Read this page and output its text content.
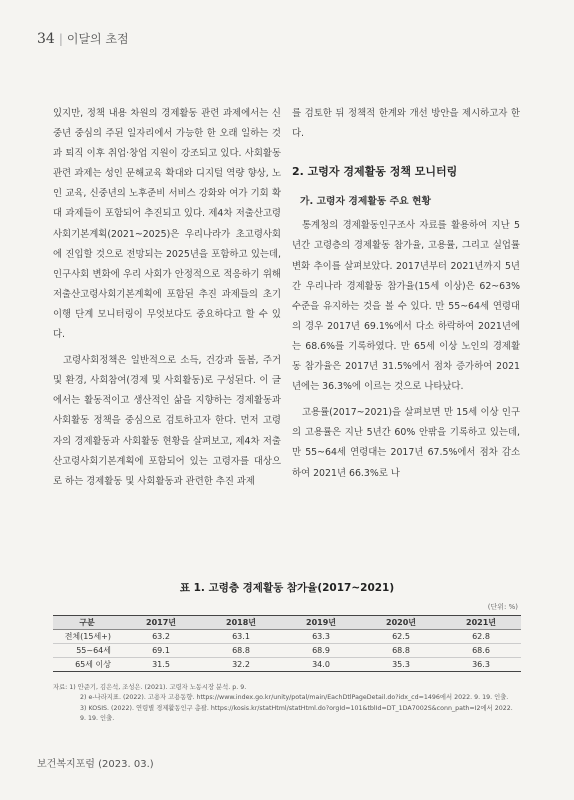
34 | 이달의 초점

있지만, 정책 내용 차원의 경제활동 관련 과제에서는 신중년 중심의 주된 일자리에서 가능한 한 오래 일하는 것과 퇴직 이후 취업·창업 지원이 강조되고 있다. 사회활동 관련 과제는 성인 문해교육 확대와 디지털 역량 향상, 노인 교육, 신중년의 노후준비 서비스 강화와 여가 기회 확대 과제들이 포함되어 추진되고 있다. 제4차 저출산고령사회기본계획(2021~2025)은 우리나라가 초고령사회에 진입할 것으로 전망되는 2025년을 포함하고 있는데, 인구사회 변화에 우리 사회가 안정적으로 적응하기 위해 저출산고령사회기본계획에 포함된 추진 과제들의 초기 이행 단계 모니터링이 무엇보다도 중요하다고 할 수 있다.

고령사회정책은 일반적으로 소득, 건강과 돌봄, 주거 및 환경, 사회참여(경제 및 사회활동)로 구성된다. 이 글에서는 활동적이고 생산적인 삶을 지향하는 경제활동과 사회활동 정책을 중심으로 검토하고자 한다. 먼저 고령자의 경제활동과 사회활동 현황을 살펴보고, 제4차 저출산고령사회기본계획에 포함되어 있는 고령자를 대상으로 하는 경제활동 및 사회활동과 관련한 추진 과제

를 검토한 뒤 정책적 한계와 개선 방안을 제시하고자 한다.

2. 고령자 경제활동 정책 모니터링
가. 고령자 경제활동 주요 현황

통계청의 경제활동인구조사 자료를 활용하여 지난 5년간 고령층의 경제활동 참가율, 고용률, 그리고 실업률 변화 추이를 살펴보았다. 2017년부터 2021년까지 5년간 우리나라 경제활동 참가율(15세 이상)은 62~63% 수준을 유지하는 것을 볼 수 있다. 만 55~64세 연령대의 경우 2017년 69.1%에서 다소 하락하여 2021년에는 68.6%를 기록하였다. 만 65세 이상 노인의 경제활동 참가율은 2017년 31.5%에서 점차 증가하여 2021년에는 36.3%에 이르는 것으로 나타났다.

고용률(2017~2021)을 살펴보면 만 15세 이상 인구의 고용률은 지난 5년간 60% 안팎을 기록하고 있는데, 만 55~64세 연령대는 2017년 67.5%에서 점차 감소하여 2021년 66.3%로 나

표 1. 고령층 경제활동 참가율(2017~2021)
(단위: %)
구분	2017년	2018년	2019년	2020년	2021년
전체(15세+)	63.2	63.1	63.3	62.5	62.8
55~64세	69.1	68.8	68.9	68.8	68.6
65세 이상	31.5	32.2	34.0	35.3	36.3
자료: 1) 안준기, 김은석, 조성은. (2021). 고령자 노동시장 분석. p. 9.
2) e-나라지표. (2022). 고용자 고용동향. https://www.index.go.kr/unity/potal/main/EachDtlPageDetail.do?idx_cd=1496에서 2022. 9. 19. 인출.
3) KOSIS. (2022). 연령별 경제활동인구 총괄. https://kosis.kr/statHtml/statHtml.do?orgId=101&tblId=DT_1DA7002S&conn_path=I2에서 2022.
9. 19. 인출.
보건복지포럼 (2023. 03.)
